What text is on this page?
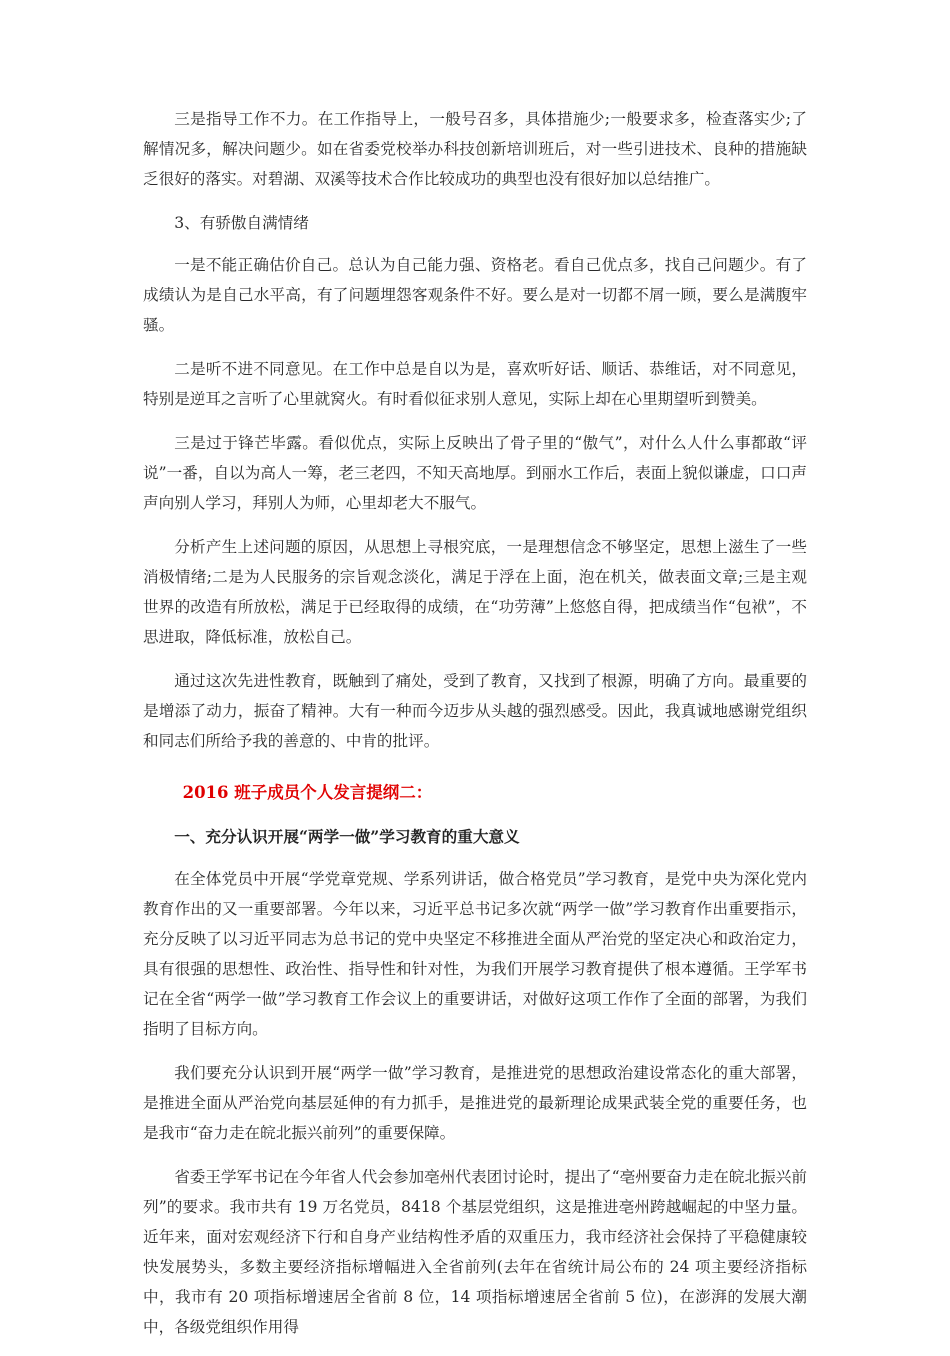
三是指导工作不力。在工作指导上，一般号召多，具体措施少;一般要求多，检查落实少;了解情况多，解决问题少。如在省委党校举办科技创新培训班后，对一些引进技术、良种的措施缺乏很好的落实。对碧湖、双溪等技术合作比较成功的典型也没有很好加以总结推广。

3、有骄傲自满情绪

一是不能正确估价自己。总认为自己能力强、资格老。看自己优点多，找自己问题少。有了成绩认为是自己水平高，有了问题埋怨客观条件不好。要么是对一切都不屑一顾，要么是满腹牢骚。

二是听不进不同意见。在工作中总是自以为是，喜欢听好话、顺话、恭维话，对不同意见，特别是逆耳之言听了心里就窝火。有时看似征求别人意见，实际上却在心里期望听到赞美。

三是过于锋芒毕露。看似优点，实际上反映出了骨子里的“傲气”，对什么人什么事都敢“评说”一番，自以为高人一筹，老三老四，不知天高地厚。到丽水工作后，表面上貌似谦虚，口口声声向别人学习，拜别人为师，心里却老大不服气。

分析产生上述问题的原因，从思想上寻根究底，一是理想信念不够坚定，思想上滋生了一些消极情绪;二是为人民服务的宗旨观念淡化，满足于浮在上面，泡在机关，做表面文章;三是主观世界的改造有所放松，满足于已经取得的成绩，在“功劳薄”上悠悠自得，把成绩当作“包袱”，不思进取，降低标准，放松自己。

通过这次先进性教育，既触到了痛处，受到了教育，又找到了根源，明确了方向。最重要的是增添了动力，振奋了精神。大有一种而今迈步从头越的强烈感受。因此，我真诚地感谢党组织和同志们所给予我的善意的、中肯的批评。

2016 班子成员个人发言提纲二：

一、充分认识开展“两学一做”学习教育的重大意义

在全体党员中开展“学党章党规、学系列讲话，做合格党员”学习教育，是党中央为深化党内教育作出的又一重要部署。今年以来，习近平总书记多次就“两学一做”学习教育作出重要指示，充分反映了以习近平同志为总书记的党中央坚定不移推进全面从严治党的坚定决心和政治定力，具有很强的思想性、政治性、指导性和针对性，为我们开展学习教育提供了根本遵循。王学军书记在全省“两学一做”学习教育工作会议上的重要讲话，对做好这项工作作了全面的部署，为我们指明了目标方向。

我们要充分认识到开展“两学一做”学习教育，是推进党的思想政治建设常态化的重大部署，是推进全面从严治党向基层延伸的有力抓手，是推进党的最新理论成果武装全党的重要任务，也是我市“奋力走在皖北振兴前列”的重要保障。

省委王学军书记在今年省人代会参加亳州代表团讨论时，提出了“亳州要奋力走在皖北振兴前列”的要求。我市共有 19 万名党员，8418 个基层党组织，这是推进亳州跨越崛起的中坚力量。近年来，面对宏观经济下行和自身产业结构性矛盾的双重压力，我市经济社会保持了平稳健康较快发展势头，多数主要经济指标增幅进入全省前列(去年在省统计局公布的 24 项主要经济指标中，我市有 20 项指标增速居全省前 8 位，14 项指标增速居全省前 5 位)，在澎湃的发展大潮中，各级党组织作用得
